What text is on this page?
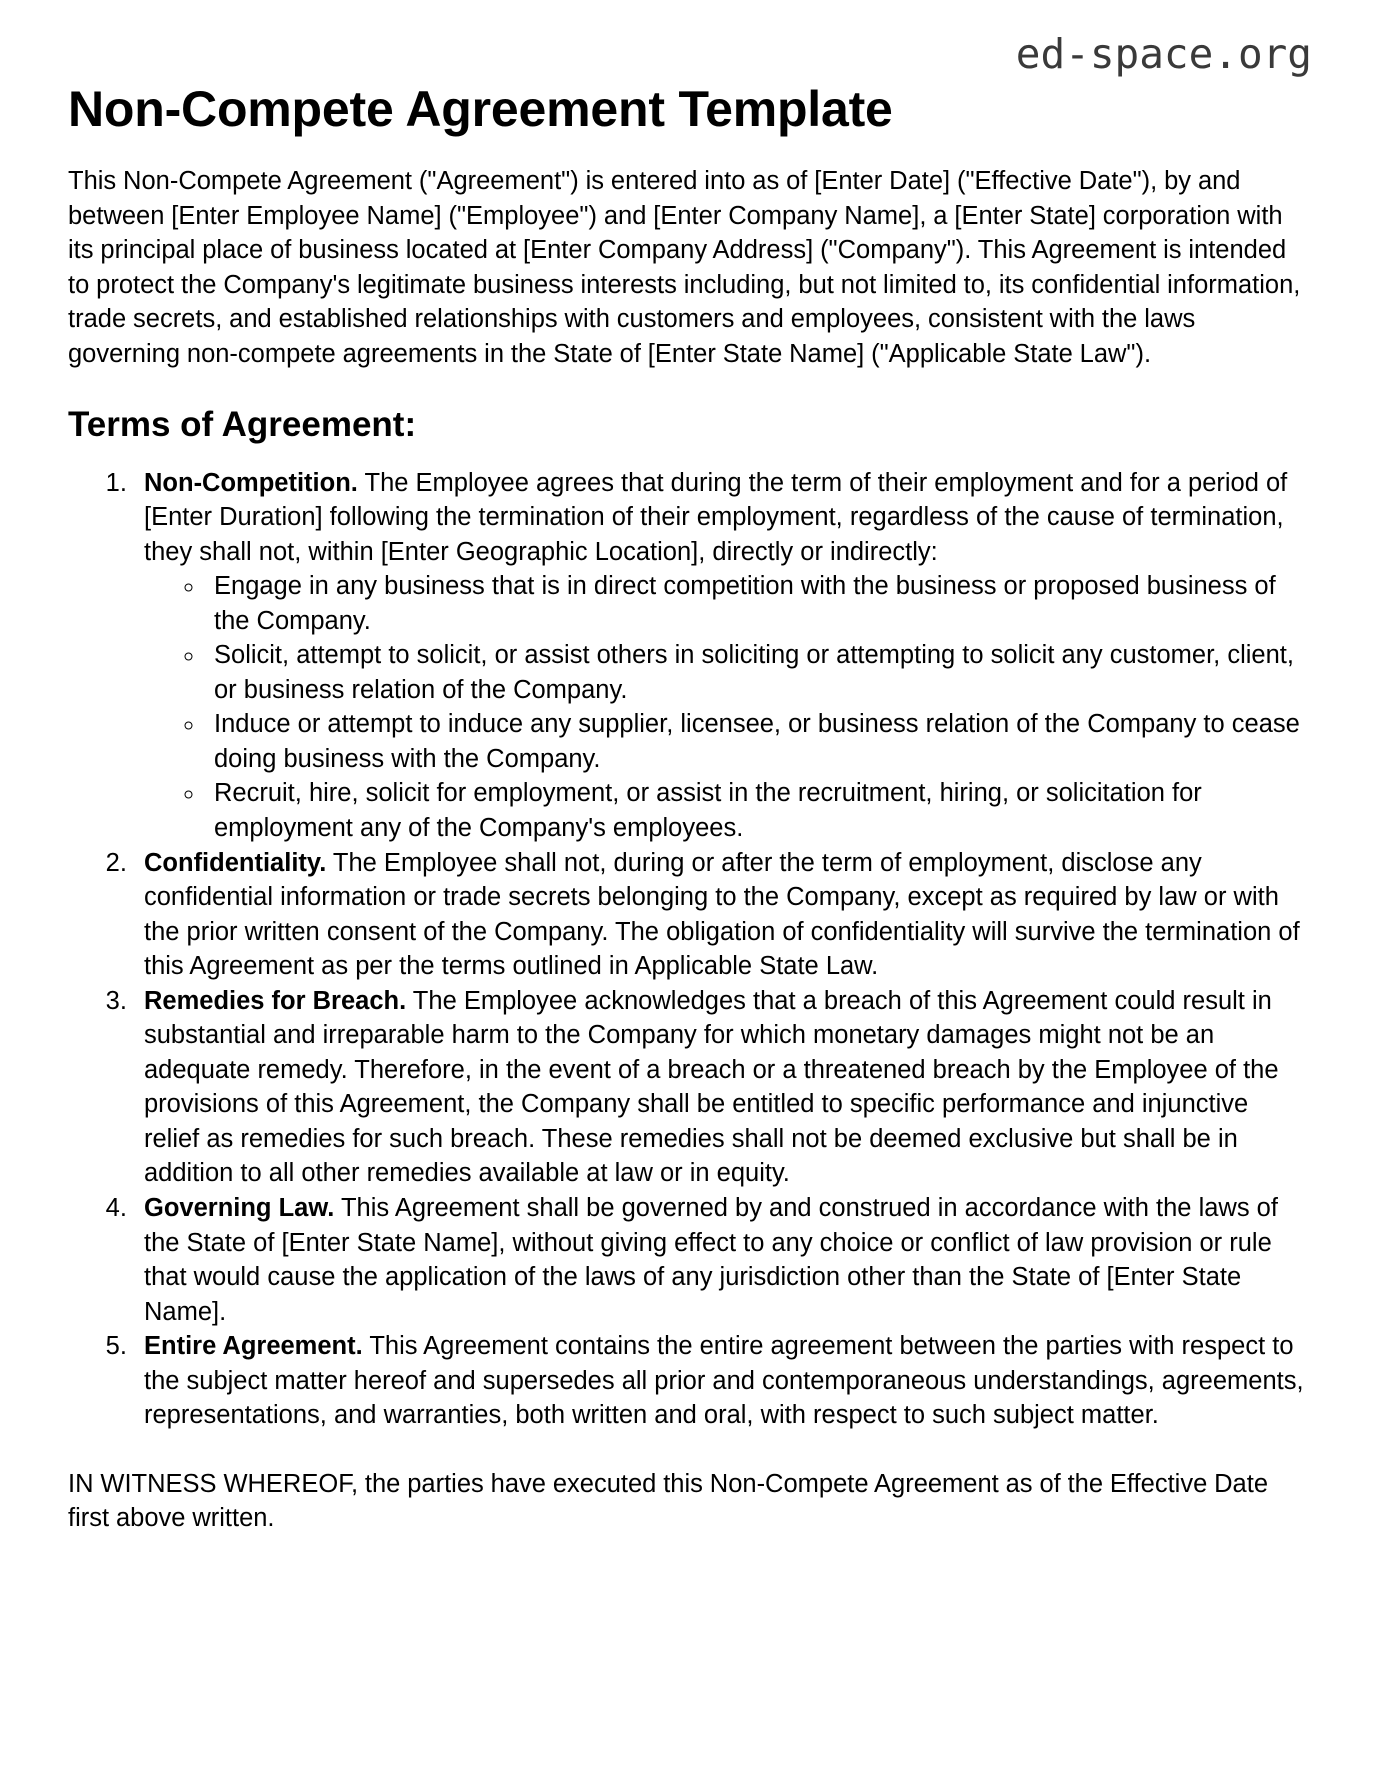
ed-space.org
Non-Compete Agreement Template

This Non-Compete Agreement ("Agreement") is entered into as of [Enter Date] ("Effective Date"), by and between [Enter Employee Name] ("Employee") and [Enter Company Name], a [Enter State] corporation with its principal place of business located at [Enter Company Address] ("Company"). This Agreement is intended to protect the Company's legitimate business interests including, but not limited to, its confidential information, trade secrets, and established relationships with customers and employees, consistent with the laws governing non-compete agreements in the State of [Enter State Name] ("Applicable State Law").

Terms of Agreement:
1. Non-Competition. The Employee agrees that during the term of their employment and for a period of [Enter Duration] following the termination of their employment, regardless of the cause of termination, they shall not, within [Enter Geographic Location], directly or indirectly:
◦ Engage in any business that is in direct competition with the business or proposed business of the Company.
◦ Solicit, attempt to solicit, or assist others in soliciting or attempting to solicit any customer, client, or business relation of the Company.
◦ Induce or attempt to induce any supplier, licensee, or business relation of the Company to cease doing business with the Company.
◦ Recruit, hire, solicit for employment, or assist in the recruitment, hiring, or solicitation for employment any of the Company's employees.
2. Confidentiality. The Employee shall not, during or after the term of employment, disclose any confidential information or trade secrets belonging to the Company, except as required by law or with the prior written consent of the Company. The obligation of confidentiality will survive the termination of this Agreement as per the terms outlined in Applicable State Law.
3. Remedies for Breach. The Employee acknowledges that a breach of this Agreement could result in substantial and irreparable harm to the Company for which monetary damages might not be an adequate remedy. Therefore, in the event of a breach or a threatened breach by the Employee of the provisions of this Agreement, the Company shall be entitled to specific performance and injunctive relief as remedies for such breach. These remedies shall not be deemed exclusive but shall be in addition to all other remedies available at law or in equity.
4. Governing Law. This Agreement shall be governed by and construed in accordance with the laws of the State of [Enter State Name], without giving effect to any choice or conflict of law provision or rule that would cause the application of the laws of any jurisdiction other than the State of [Enter State Name].
5. Entire Agreement. This Agreement contains the entire agreement between the parties with respect to the subject matter hereof and supersedes all prior and contemporaneous understandings, agreements, representations, and warranties, both written and oral, with respect to such subject matter.

IN WITNESS WHEREOF, the parties have executed this Non-Compete Agreement as of the Effective Date first above written.
